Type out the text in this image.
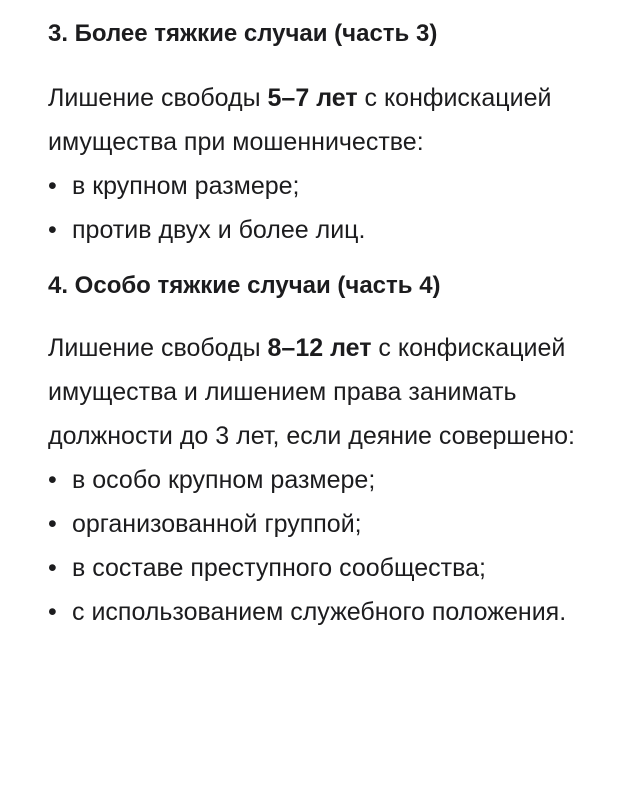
3. Более тяжкие случаи (часть 3)

Лишение свободы 5–7 лет с конфискацией имущества при мошенничестве:

• в крупном размере;
• против двух и более лиц.
4. Особо тяжкие случаи (часть 4)

Лишение свободы 8–12 лет с конфискацией имущества и лишением права занимать должности до 3 лет, если деяние совершено:

• в особо крупном размере;
• организованной группой;
• в составе преступного сообщества;
• с использованием служебного положения.
